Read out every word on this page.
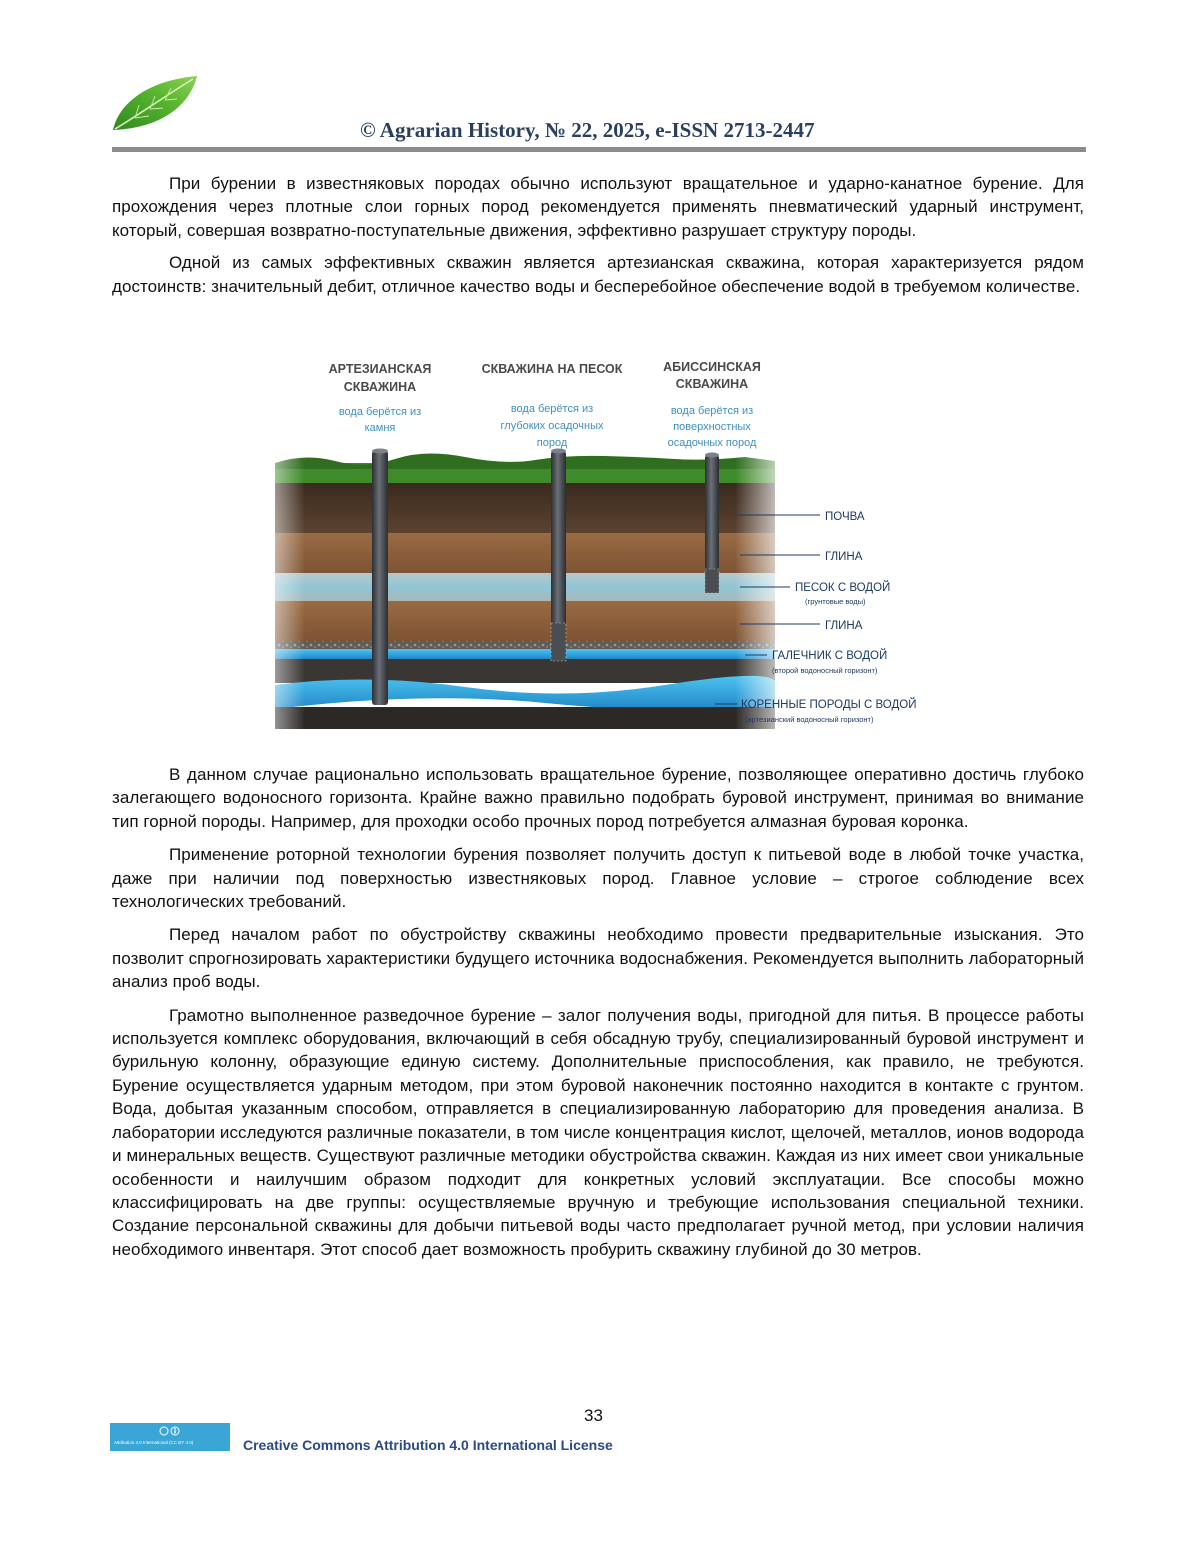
© Agrarian History, № 22, 2025, e-ISSN 2713-2447

При бурении в известняковых породах обычно используют вращательное и ударно-канатное бурение. Для прохождения через плотные слои горных пород рекомендуется применять пневматический ударный инструмент, который, совершая возвратно-поступательные движения, эффективно разрушает структуру породы.

Одной из самых эффективных скважин является артезианская скважина, которая характеризуется рядом достоинств: значительный дебит, отличное качество воды и бесперебойное обеспечение водой в требуемом количестве.

АРТЕЗИАНСКАЯ
СКВАЖИНА
вода берётся из
камня
СКВАЖИНА НА ПЕСОК
вода берётся из
глубоких осадочных
пород
АБИССИНСКАЯ
СКВАЖИНА
вода берётся из
поверхностных
осадочных пород
ПОЧВА
ГЛИНА
ПЕСОК С ВОДОЙ
(грунтовые воды)
ГЛИНА
ГАЛЕЧНИК С ВОДОЙ
(второй водоносный горизонт)
КОРЕННЫЕ ПОРОДЫ С ВОДОЙ
(артезианский водоносный горизонт)

В данном случае рационально использовать вращательное бурение, позволяющее оперативно достичь глубоко залегающего водоносного горизонта. Крайне важно правильно подобрать буровой инструмент, принимая во внимание тип горной породы. Например, для проходки особо прочных пород потребуется алмазная буровая коронка.

Применение роторной технологии бурения позволяет получить доступ к питьевой воде в любой точке участка, даже при наличии под поверхностью известняковых пород. Главное условие – строгое соблюдение всех технологических требований.

Перед началом работ по обустройству скважины необходимо провести предварительные изыскания. Это позволит спрогнозировать характеристики будущего источника водоснабжения. Рекомендуется выполнить лабораторный анализ проб воды.

Грамотно выполненное разведочное бурение – залог получения воды, пригодной для питья. В процессе работы используется комплекс оборудования, включающий в себя обсадную трубу, специализированный буровой инструмент и бурильную колонну, образующие единую систему. Дополнительные приспособления, как правило, не требуются. Бурение осуществляется ударным методом, при этом буровой наконечник постоянно находится в контакте с грунтом. Вода, добытая указанным способом, отправляется в специализированную лабораторию для проведения анализа. В лаборатории исследуются различные показатели, в том числе концентрация кислот, щелочей, металлов, ионов водорода и минеральных веществ. Существуют различные методики обустройства скважин. Каждая из них имеет свои уникальные особенности и наилучшим образом подходит для конкретных условий эксплуатации. Все способы можно классифицировать на две группы: осуществляемые вручную и требующие использования специальной техники. Создание персональной скважины для добычи питьевой воды часто предполагает ручной метод, при условии наличия необходимого инвентаря. Этот способ дает возможность пробурить скважину глубиной до 30 метров.

33
Attribution 4.0 International (CC BY 4.0)	Creative Commons Attribution 4.0 International License
